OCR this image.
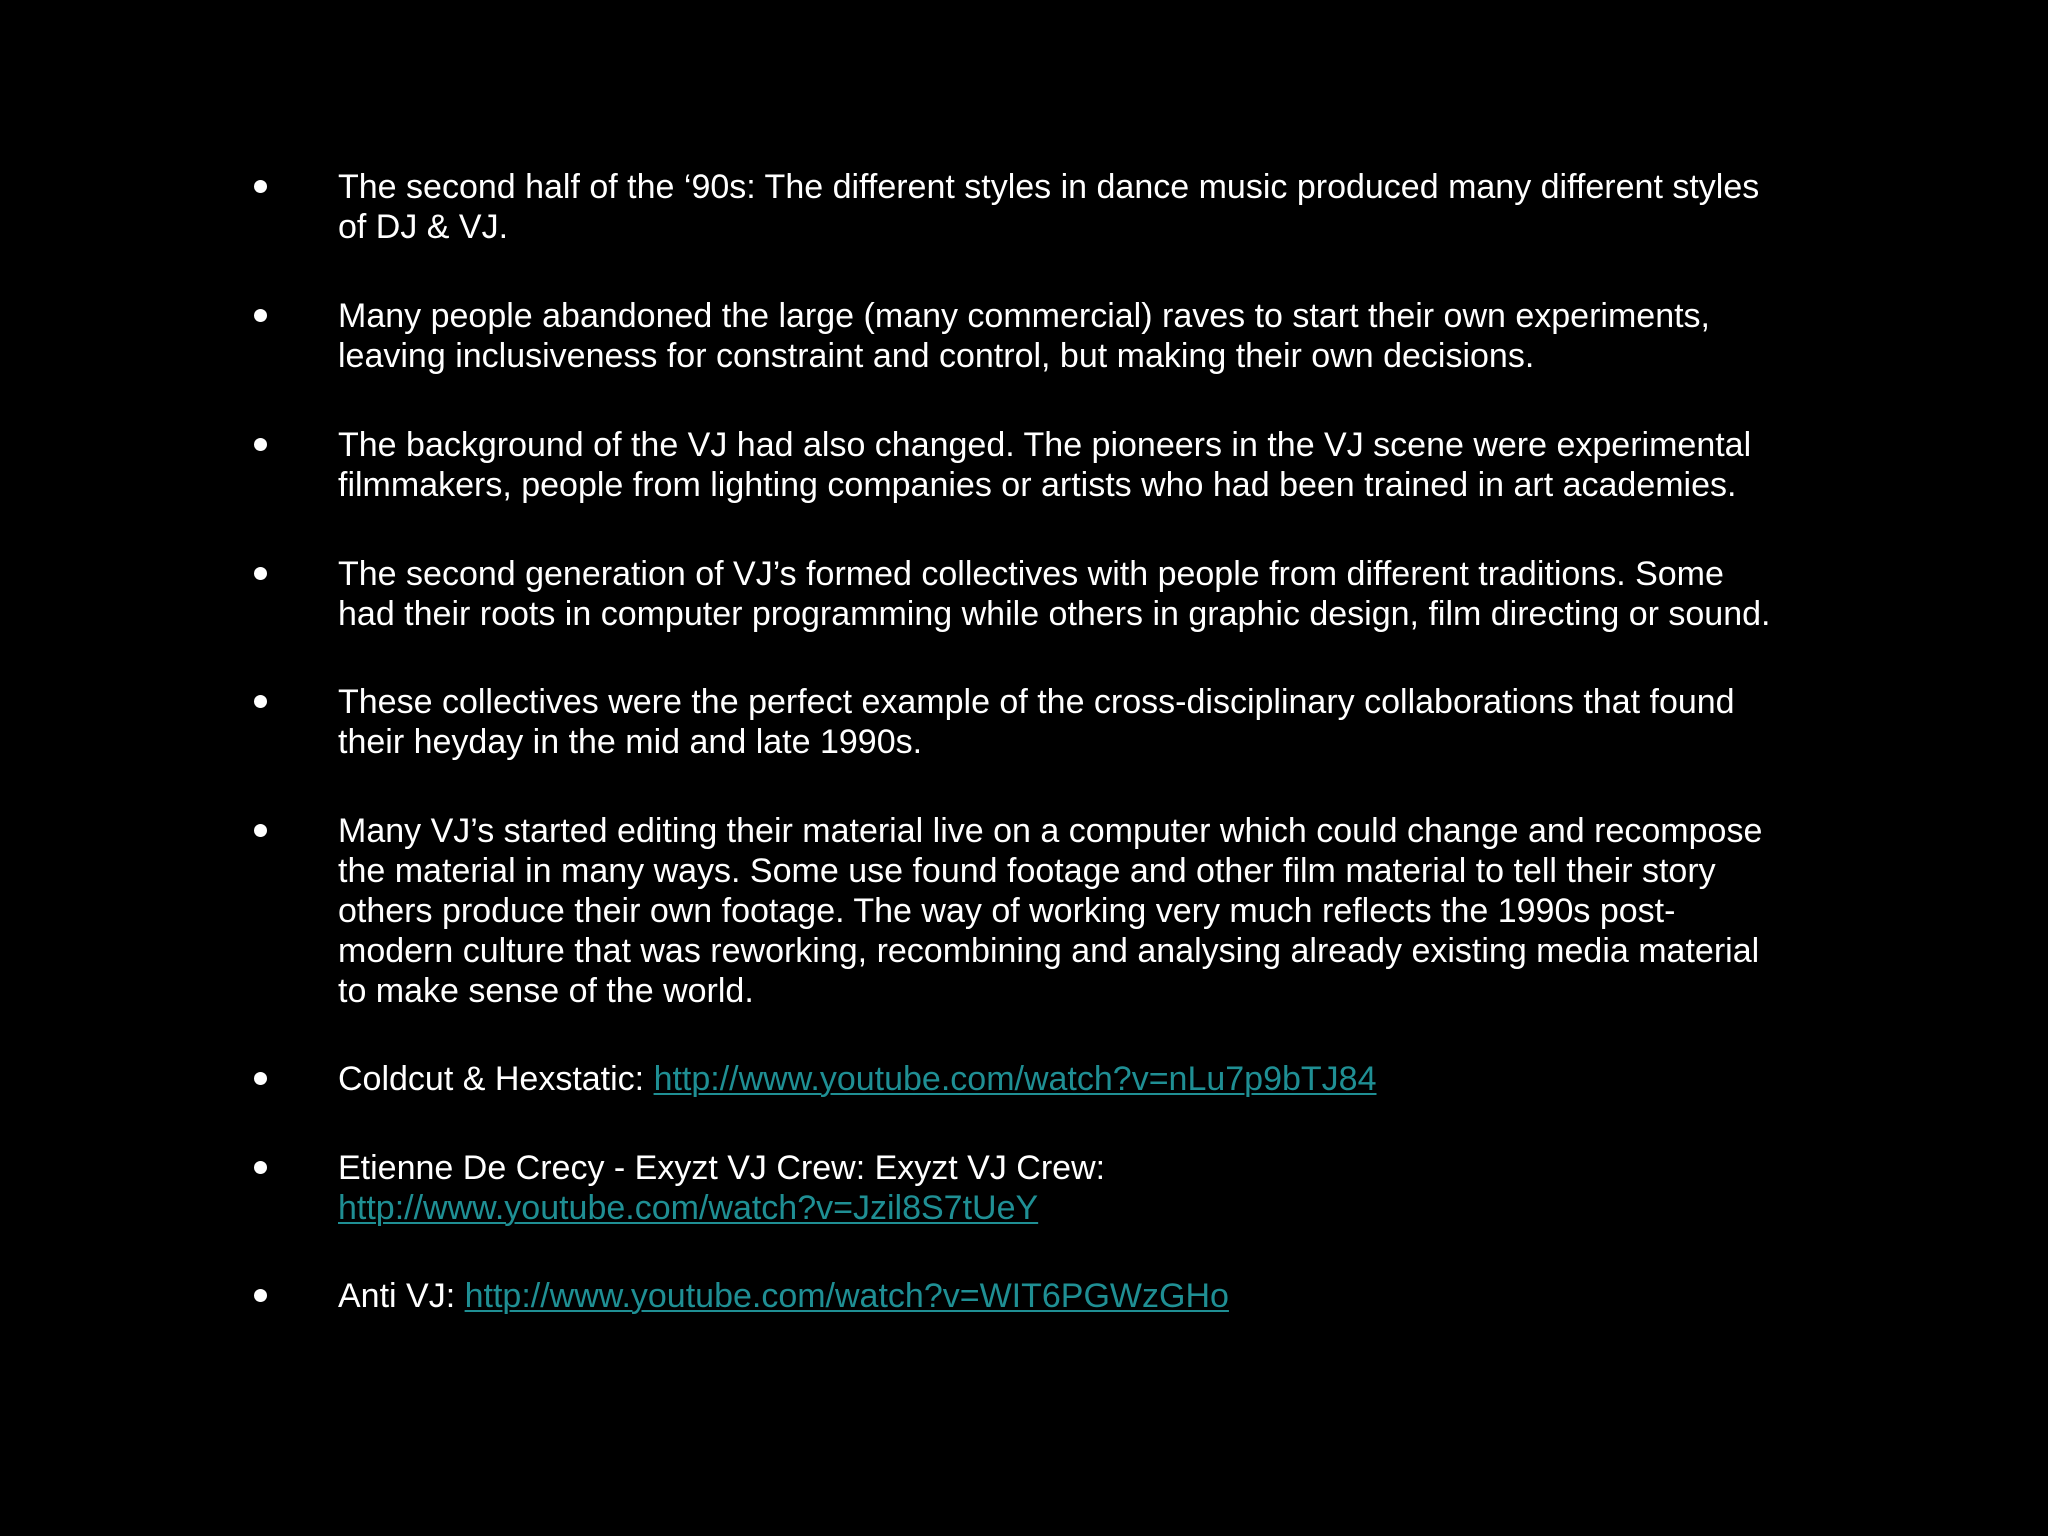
The second half of the ‘90s: The different styles in dance music produced many different styles
of DJ & VJ.
Many people abandoned the large (many commercial) raves to start their own experiments,
leaving inclusiveness for constraint and control, but making their own decisions.
The background of the VJ had also changed. The pioneers in the VJ scene were experimental
filmmakers, people from lighting companies or artists who had been trained in art academies.
The second generation of VJ’s formed collectives with people from different traditions. Some
had their roots in computer programming while others in graphic design, film directing or sound.
These collectives were the perfect example of the cross-disciplinary collaborations that found
their heyday in the mid and late 1990s.
Many VJ’s started editing their material live on a computer which could change and recompose
the material in many ways. Some use found footage and other film material to tell their story
others produce their own footage. The way of working very much reflects the 1990s post-
modern culture that was reworking, recombining and analysing already existing media material
to make sense of the world.
Coldcut & Hexstatic: http://www.youtube.com/watch?v=nLu7p9bTJ84
Etienne De Crecy - Exyzt VJ Crew: Exyzt VJ Crew:
http://www.youtube.com/watch?v=Jzil8S7tUeY
Anti VJ: http://www.youtube.com/watch?v=WIT6PGWzGHo
